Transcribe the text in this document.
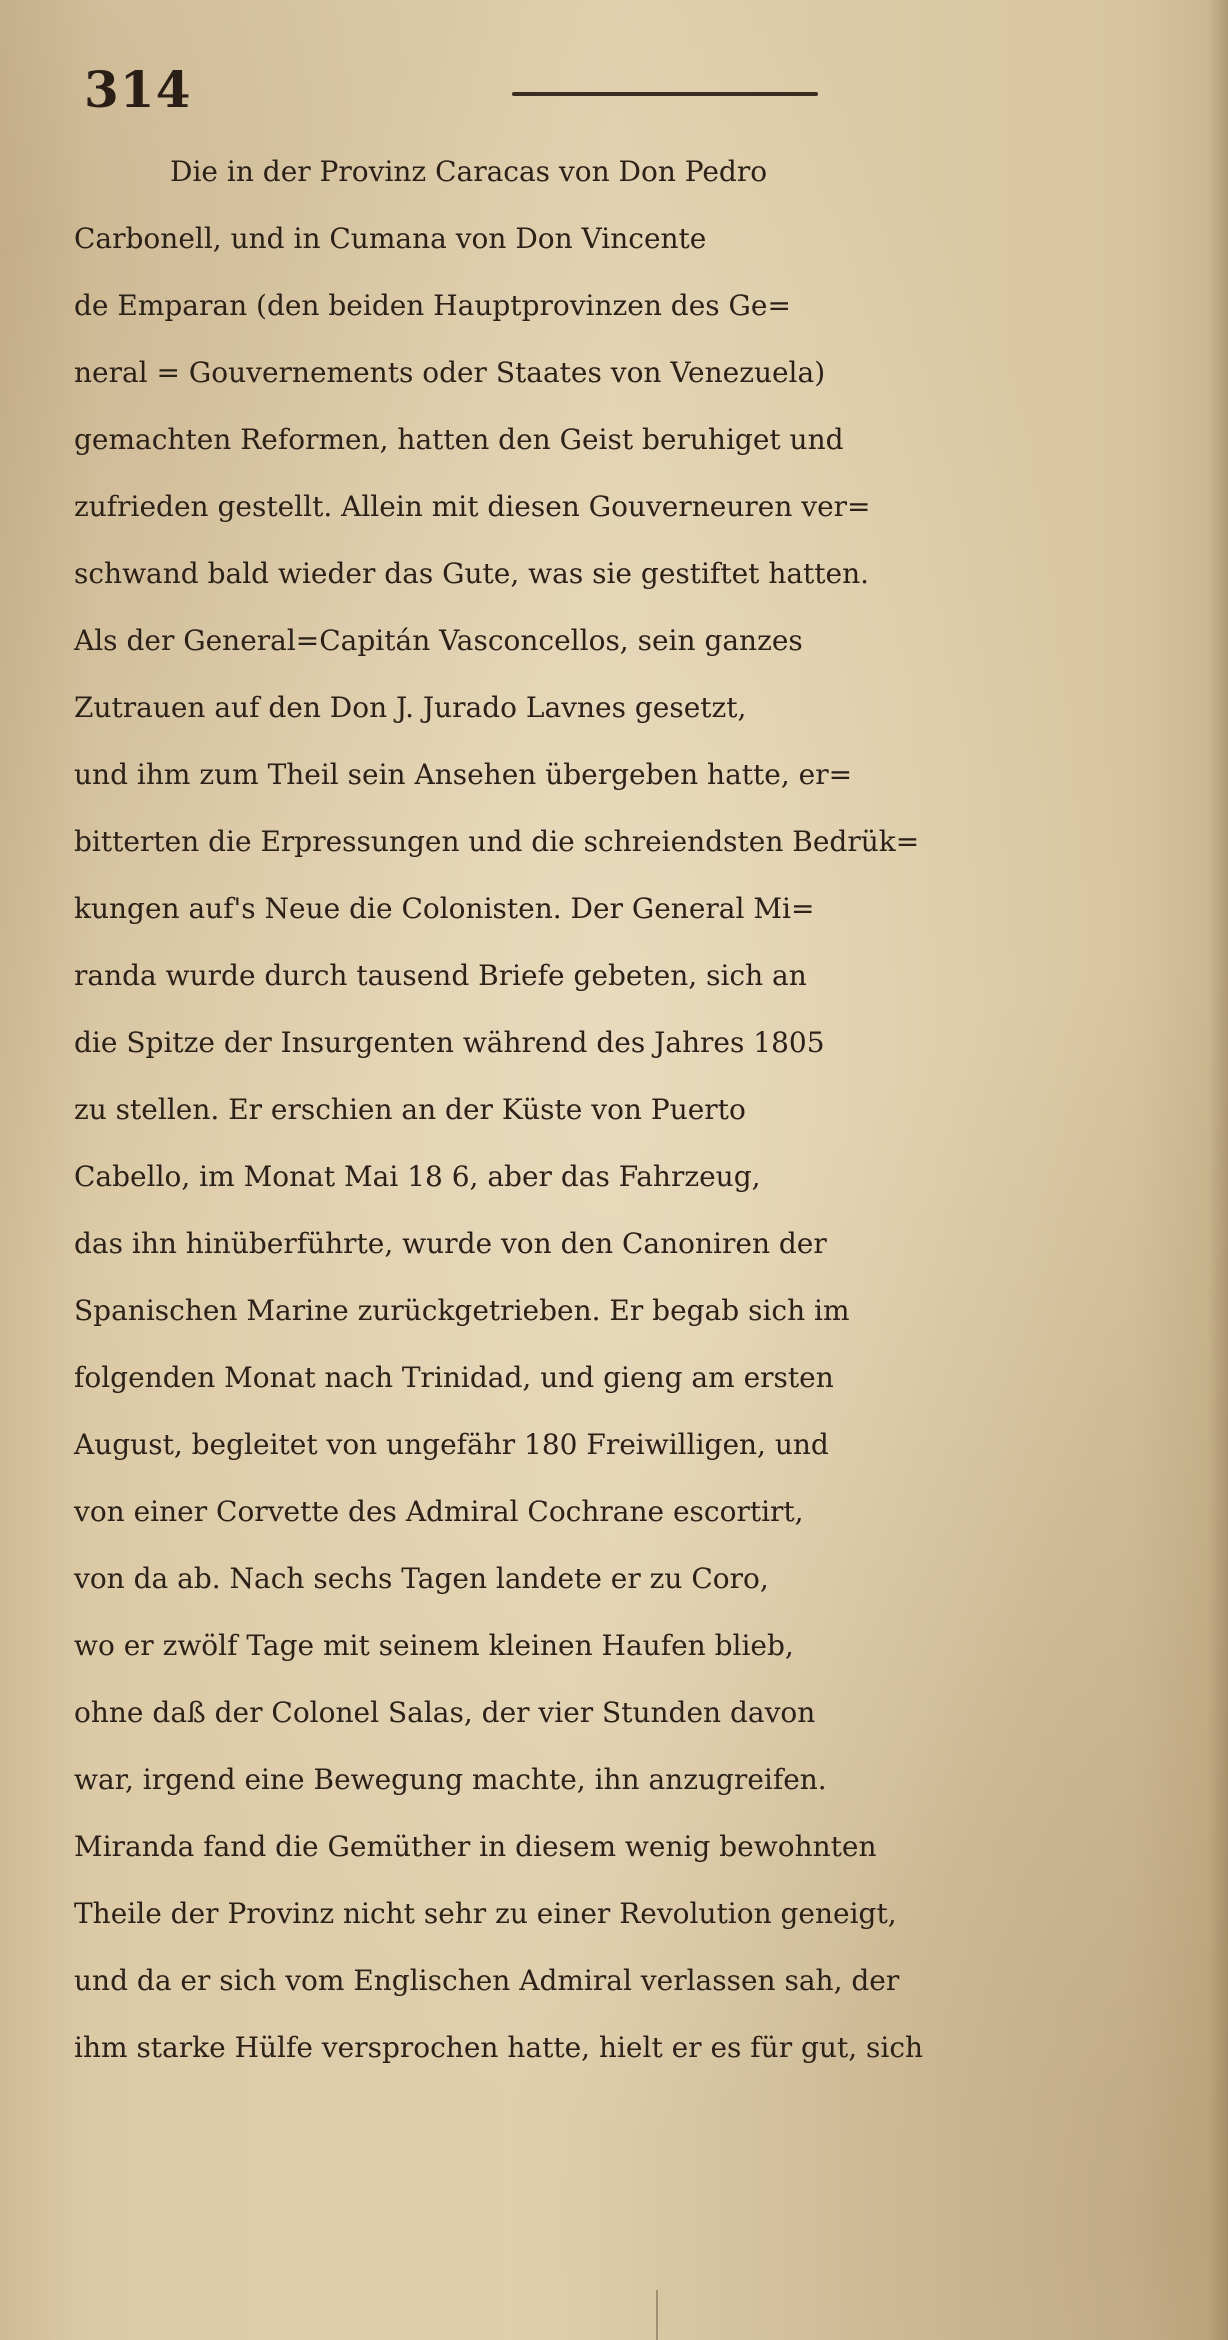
314
Die in der Provinz Caracas von Don Pedro
Carbonell, und in Cumana von Don Vincente
de Emparan (den beiden Hauptprovinzen des Ge=
neral = Gouvernements oder Staates von Venezuela)
gemachten Reformen, hatten den Geist beruhiget und
zufrieden gestellt. Allein mit diesen Gouverneuren ver=
schwand bald wieder das Gute, was sie gestiftet hatten.
Als der General=Capitán Vasconcellos, sein ganzes
Zutrauen auf den Don J. Jurado Lavnes gesetzt,
und ihm zum Theil sein Ansehen übergeben hatte, er=
bitterten die Erpressungen und die schreiendsten Bedrük=
kungen auf's Neue die Colonisten. Der General Mi=
randa wurde durch tausend Briefe gebeten, sich an
die Spitze der Insurgenten während des Jahres 1805
zu stellen. Er erschien an der Küste von Puerto
Cabello, im Monat Mai 18 6, aber das Fahrzeug,
das ihn hinüberführte, wurde von den Canoniren der
Spanischen Marine zurückgetrieben. Er begab sich im
folgenden Monat nach Trinidad, und gieng am ersten
August, begleitet von ungefähr 180 Freiwilligen, und
von einer Corvette des Admiral Cochrane escortirt,
von da ab. Nach sechs Tagen landete er zu Coro,
wo er zwölf Tage mit seinem kleinen Haufen blieb,
ohne daß der Colonel Salas, der vier Stunden davon
war, irgend eine Bewegung machte, ihn anzugreifen.
Miranda fand die Gemüther in diesem wenig bewohnten
Theile der Provinz nicht sehr zu einer Revolution geneigt,
und da er sich vom Englischen Admiral verlassen sah, der
ihm starke Hülfe versprochen hatte, hielt er es für gut, sich
